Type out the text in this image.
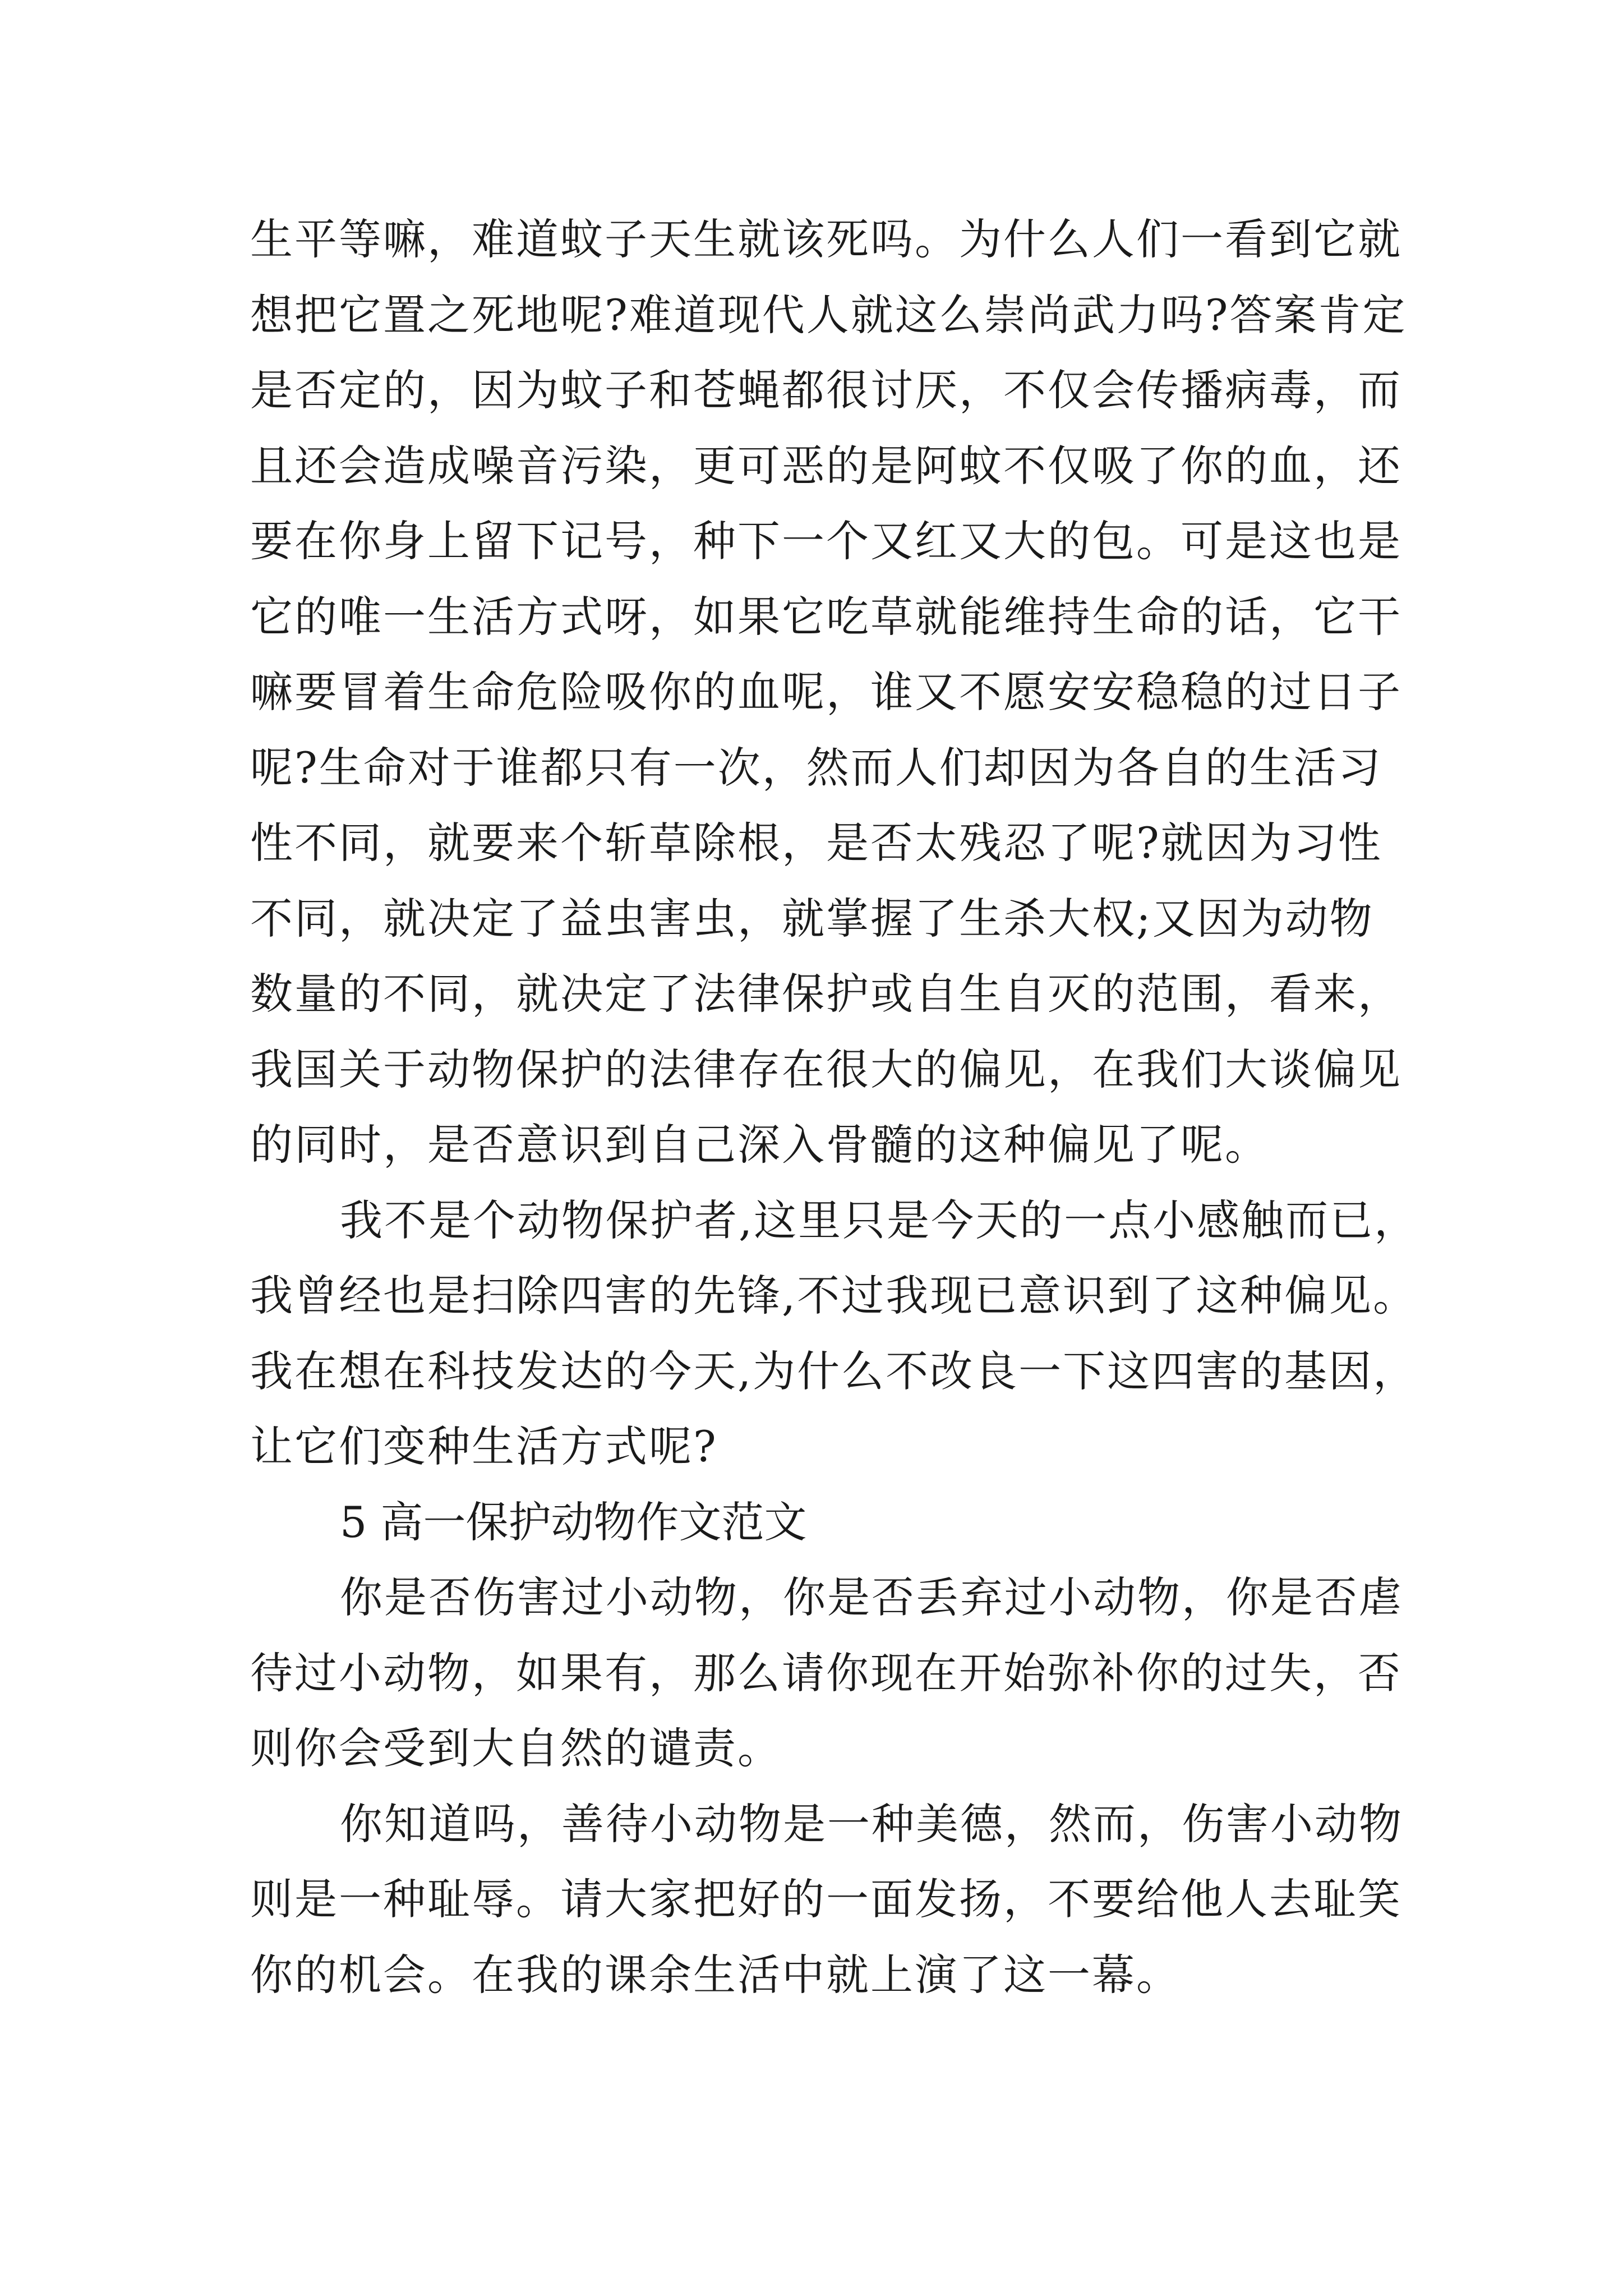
生平等嘛，难道蚊子天生就该死吗。为什么人们一看到它就
想把它置之死地呢?难道现代人就这么崇尚武力吗?答案肯定
是否定的，因为蚊子和苍蝇都很讨厌，不仅会传播病毒，而
且还会造成噪音污染，更可恶的是阿蚊不仅吸了你的血，还
要在你身上留下记号，种下一个又红又大的包。可是这也是
它的唯一生活方式呀，如果它吃草就能维持生命的话，它干
嘛要冒着生命危险吸你的血呢，谁又不愿安安稳稳的过日子
呢?生命对于谁都只有一次，然而人们却因为各自的生活习
性不同，就要来个斩草除根，是否太残忍了呢?就因为习性
不同，就决定了益虫害虫，就掌握了生杀大权;又因为动物
数量的不同，就决定了法律保护或自生自灭的范围，看来，
我国关于动物保护的法律存在很大的偏见，在我们大谈偏见
的同时，是否意识到自己深入骨髓的这种偏见了呢。
我不是个动物保护者,这里只是今天的一点小感触而已，
我曾经也是扫除四害的先锋,不过我现已意识到了这种偏见。
我在想在科技发达的今天,为什么不改良一下这四害的基因，
让它们变种生活方式呢?
5 高一保护动物作文范文
你是否伤害过小动物，你是否丢弃过小动物，你是否虐
待过小动物，如果有，那么请你现在开始弥补你的过失，否
则你会受到大自然的谴责。
你知道吗，善待小动物是一种美德，然而，伤害小动物
则是一种耻辱。请大家把好的一面发扬，不要给他人去耻笑
你的机会。在我的课余生活中就上演了这一幕。
